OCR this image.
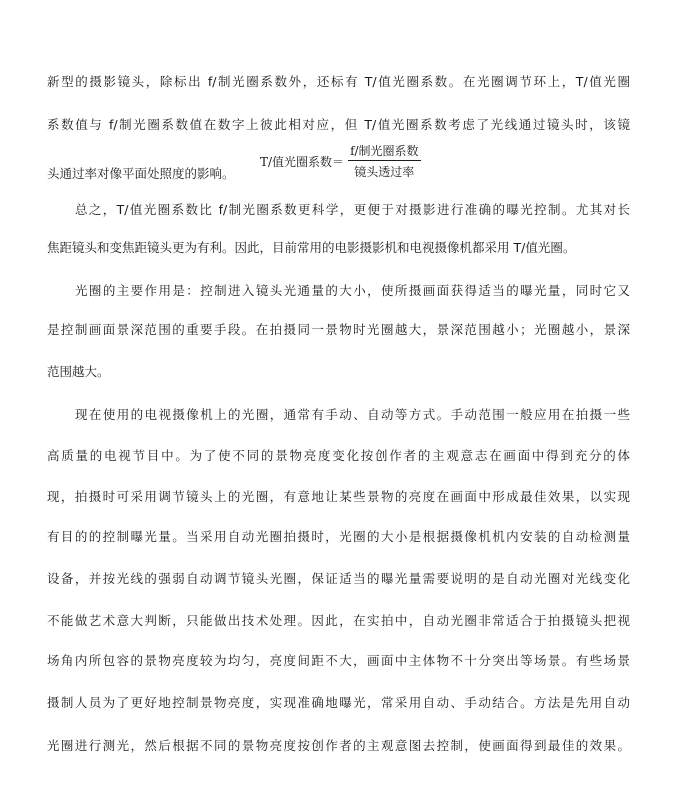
新型的摄影镜头，除标出 f/制光圈系数外，还标有 T/值光圈系数。在光圈调节环上，T/值光圈
系数值与 f/制光圈系数值在数字上彼此相对应，但 T/值光圈系数考虑了光线通过镜头时，该镜
头通过率对像平面处照度的影响。
T/值光圈系数＝ $\frac{\text{f/制光圈系数}}{\text{镜头透过率}}$
总之，T/值光圈系数比 f/制光圈系数更科学，更便于对摄影进行准确的曝光控制。尤其对长
焦距镜头和变焦距镜头更为有利。因此，目前常用的电影摄影机和电视摄像机都采用 T/值光圈。
光圈的主要作用是：控制进入镜头光通量的大小，使所摄画面获得适当的曝光量，同时它又
是控制画面景深范围的重要手段。在拍摄同一景物时光圈越大，景深范围越小；光圈越小，景深
范围越大。
现在使用的电视摄像机上的光圈，通常有手动、自动等方式。手动范围一般应用在拍摄一些
高质量的电视节目中。为了使不同的景物亮度变化按创作者的主观意志在画面中得到充分的体
现，拍摄时可采用调节镜头上的光圈，有意地让某些景物的亮度在画面中形成最佳效果，以实现
有目的的控制曝光量。当采用自动光圈拍摄时，光圈的大小是根据摄像机机内安装的自动检测量
设备，并按光线的强弱自动调节镜头光圈，保证适当的曝光量需要说明的是自动光圈对光线变化
不能做艺术意大判断，只能做出技术处理。因此，在实拍中，自动光圈非常适合于拍摄镜头把视
场角内所包容的景物亮度较为均匀，亮度间距不大，画面中主体物不十分突出等场景。有些场景
摄制人员为了更好地控制景物亮度，实现准确地曝光，常采用自动、手动结合。方法是先用自动
光圈进行测光，然后根据不同的景物亮度按创作者的主观意图去控制，使画面得到最佳的效果。
